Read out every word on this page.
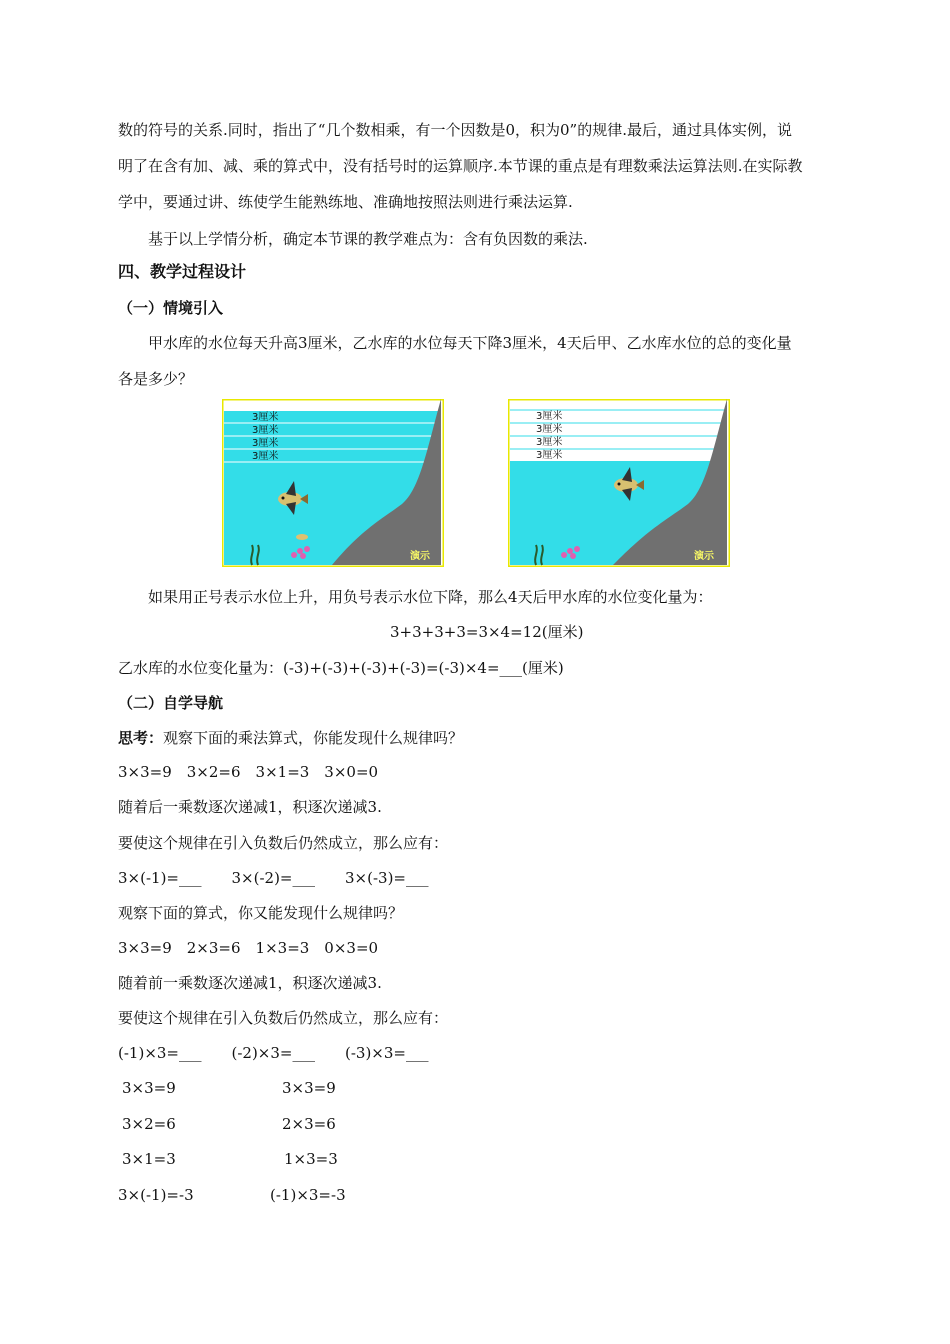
数的符号的关系.同时，指出了“几个数相乘，有一个因数是0，积为0”的规律.最后，通过具体实例，说
明了在含有加、减、乘的算式中，没有括号时的运算顺序.本节课的重点是有理数乘法运算法则.在实际教
学中，要通过讲、练使学生能熟练地、准确地按照法则进行乘法运算.
基于以上学情分析，确定本节课的教学难点为：含有负因数的乘法.
四、教学过程设计
（一）情境引入
甲水库的水位每天升高3厘米，乙水库的水位每天下降3厘米，4天后甲、乙水库水位的总的变化量
各是多少？
3厘米
3厘米
3厘米
3厘米
演示
3厘米
3厘米
3厘米
3厘米
演示
如果用正号表示水位上升，用负号表示水位下降，那么4天后甲水库的水位变化量为：
3+3+3+3=3×4=12(厘米)
乙水库的水位变化量为：(-3)+(-3)+(-3)+(-3)=(-3)×4=___(厘米)
（二）自学导航
思考：观察下面的乘法算式，你能发现什么规律吗？
3×3=9　3×2=6　3×1=3　3×0=0
随着后一乘数逐次递减1，积逐次递减3.
要使这个规律在引入负数后仍然成立，那么应有：
3×(-1)=___　　3×(-2)=___　　3×(-3)=___
观察下面的算式，你又能发现什么规律吗？
3×3=9　2×3=6　1×3=3　0×3=0
随着前一乘数逐次递减1，积逐次递减3.
要使这个规律在引入负数后仍然成立，那么应有：
(-1)×3=___　　(-2)×3=___　　(-3)×3=___
3×3=9	3×3=9
3×2=6	2×3=6
3×1=3	1×3=3
3×(-1)=-3	(-1)×3=-3
